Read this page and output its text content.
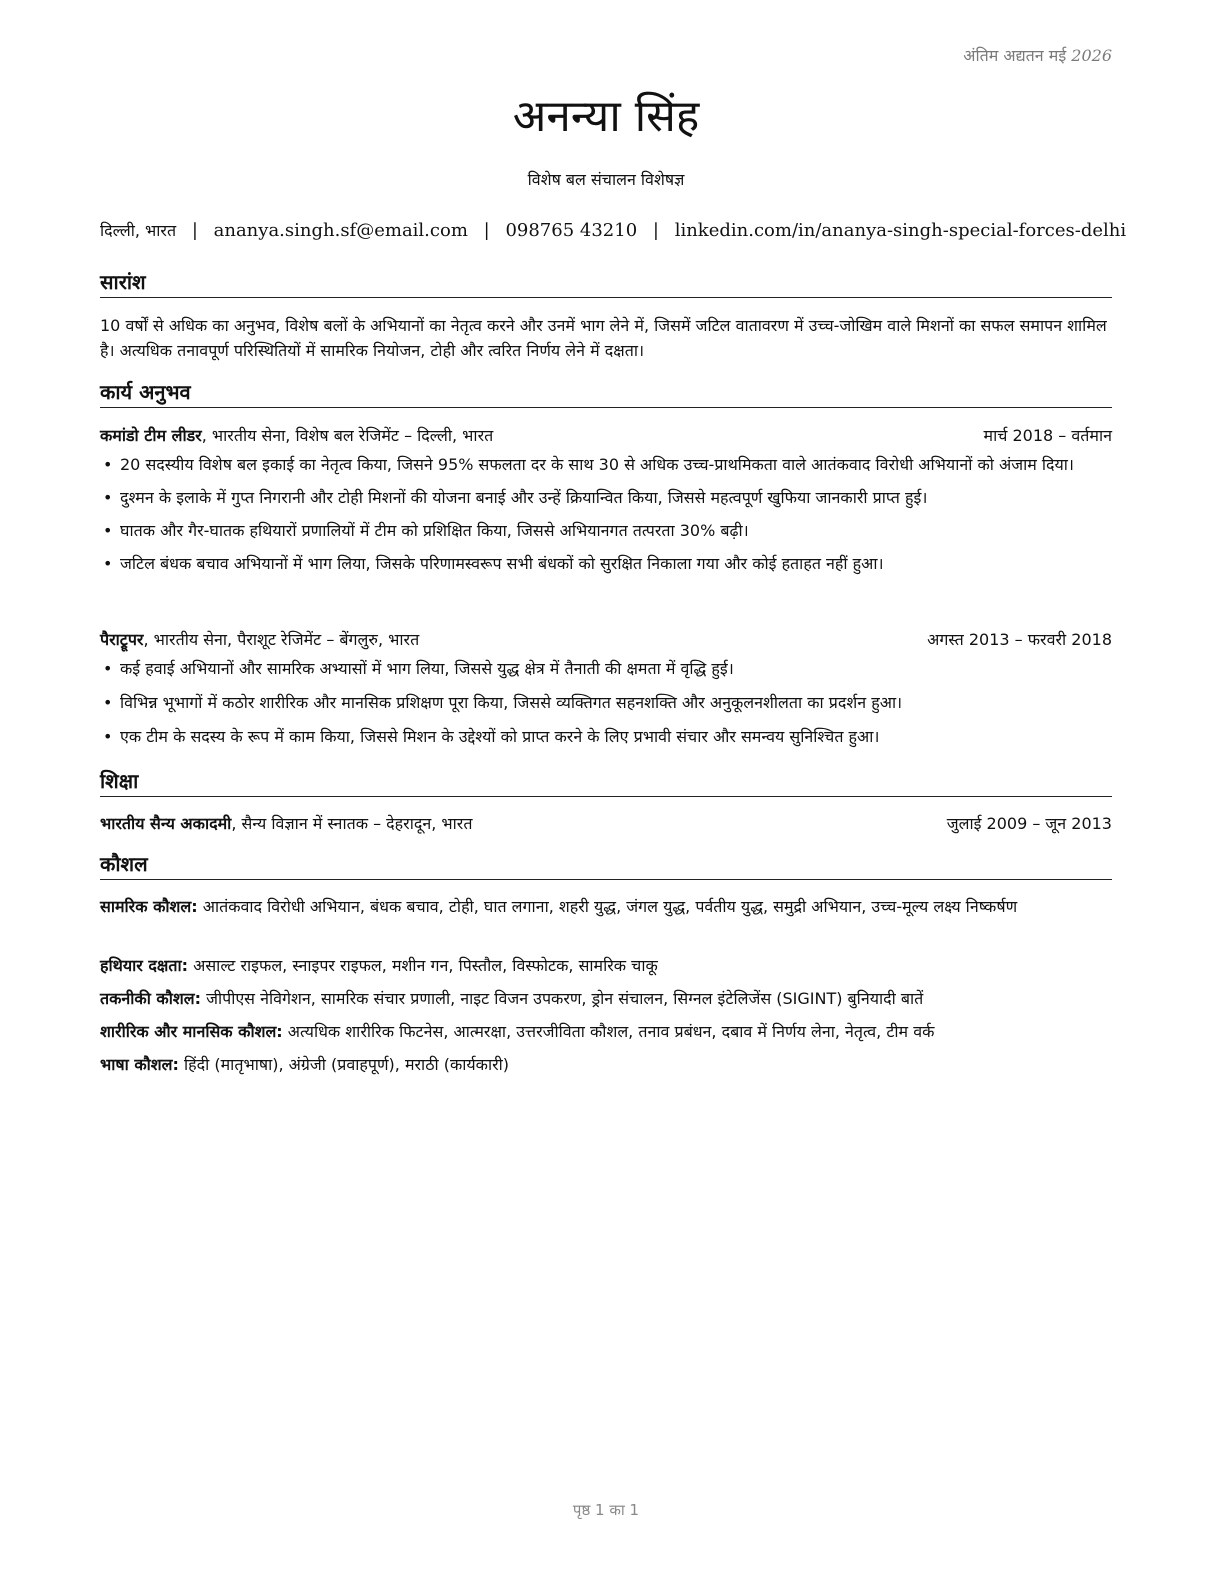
अंतिम अद्यतन मई 2026
अनन्या सिंह
विशेष बल संचालन विशेषज्ञ
दिल्ली, भारत | ananya.singh.sf@email.com | 098765 43210 | linkedin.com/in/ananya-singh-special-forces-delhi
सारांश
10 वर्षों से अधिक का अनुभव, विशेष बलों के अभियानों का नेतृत्व करने और उनमें भाग लेने में, जिसमें जटिल वातावरण में उच्च-जोखिम वाले मिशनों का सफल समापन शामिल है। अत्यधिक तनावपूर्ण परिस्थितियों में सामरिक नियोजन, टोही और त्वरित निर्णय लेने में दक्षता।
कार्य अनुभव
कमांडो टीम लीडर, भारतीय सेना, विशेष बल रेजिमेंट – दिल्ली, भारत	मार्च 2018 – वर्तमान
• 20 सदस्यीय विशेष बल इकाई का नेतृत्व किया, जिसने 95% सफलता दर के साथ 30 से अधिक उच्च-प्राथमिकता वाले आतंकवाद विरोधी अभियानों को अंजाम दिया।
• दुश्मन के इलाके में गुप्त निगरानी और टोही मिशनों की योजना बनाई और उन्हें क्रियान्वित किया, जिससे महत्वपूर्ण खुफिया जानकारी प्राप्त हुई।
• घातक और गैर-घातक हथियारों प्रणालियों में टीम को प्रशिक्षित किया, जिससे अभियानगत तत्परता 30% बढ़ी।
• जटिल बंधक बचाव अभियानों में भाग लिया, जिसके परिणामस्वरूप सभी बंधकों को सुरक्षित निकाला गया और कोई हताहत नहीं हुआ।
पैराट्रूपर, भारतीय सेना, पैराशूट रेजिमेंट – बेंगलुरु, भारत	अगस्त 2013 – फरवरी 2018
• कई हवाई अभियानों और सामरिक अभ्यासों में भाग लिया, जिससे युद्ध क्षेत्र में तैनाती की क्षमता में वृद्धि हुई।
• विभिन्न भूभागों में कठोर शारीरिक और मानसिक प्रशिक्षण पूरा किया, जिससे व्यक्तिगत सहनशक्ति और अनुकूलनशीलता का प्रदर्शन हुआ।
• एक टीम के सदस्य के रूप में काम किया, जिससे मिशन के उद्देश्यों को प्राप्त करने के लिए प्रभावी संचार और समन्वय सुनिश्चित हुआ।
शिक्षा
भारतीय सैन्य अकादमी, सैन्य विज्ञान में स्नातक – देहरादून, भारत	जुलाई 2009 – जून 2013
कौशल
सामरिक कौशल: आतंकवाद विरोधी अभियान, बंधक बचाव, टोही, घात लगाना, शहरी युद्ध, जंगल युद्ध, पर्वतीय युद्ध, समुद्री अभियान, उच्च-मूल्य लक्ष्य निष्कर्षण
हथियार दक्षता: असाल्ट राइफल, स्नाइपर राइफल, मशीन गन, पिस्तौल, विस्फोटक, सामरिक चाकू
तकनीकी कौशल: जीपीएस नेविगेशन, सामरिक संचार प्रणाली, नाइट विजन उपकरण, ड्रोन संचालन, सिग्नल इंटेलिजेंस (SIGINT) बुनियादी बातें
शारीरिक और मानसिक कौशल: अत्यधिक शारीरिक फिटनेस, आत्मरक्षा, उत्तरजीविता कौशल, तनाव प्रबंधन, दबाव में निर्णय लेना, नेतृत्व, टीम वर्क
भाषा कौशल: हिंदी (मातृभाषा), अंग्रेजी (प्रवाहपूर्ण), मराठी (कार्यकारी)
पृष्ठ 1 का 1
